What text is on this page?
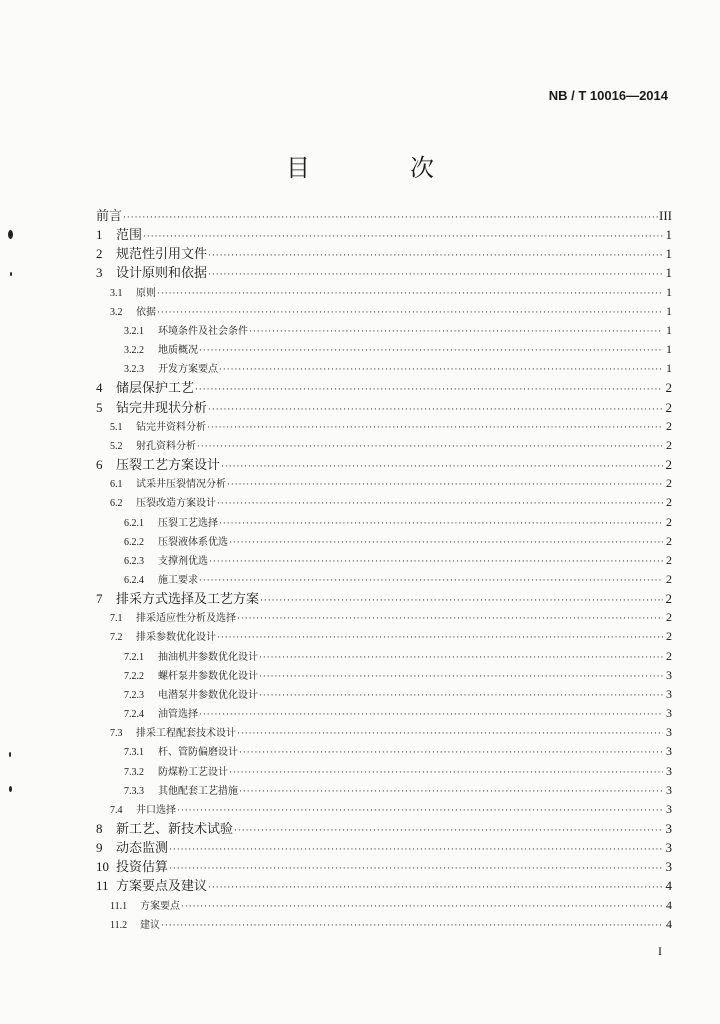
NB / T 10016—2014
目　次
前言 ·····	III
1	范围 ·····	1
2	规范性引用文件 ·····	1
3	设计原则和依据 ·····	1
3.1	原则 ·····	1
3.2	依据 ·····	1
3.2.1	环境条件及社会条件 ·····	1
3.2.2	地质概况 ·····	1
3.2.3	开发方案要点 ·····	1
4	储层保护工艺 ·····	2
5	钻完井现状分析 ·····	2
5.1	钻完井资料分析 ·····	2
5.2	射孔资料分析 ·····	2
6	压裂工艺方案设计 ·····	2
6.1	试采井压裂情况分析 ·····	2
6.2	压裂改造方案设计 ·····	2
6.2.1	压裂工艺选择 ·····	2
6.2.2	压裂液体系优选 ·····	2
6.2.3	支撑剂优选 ·····	2
6.2.4	施工要求 ·····	2
7	排采方式选择及工艺方案 ·····	2
7.1	排采适应性分析及选择 ·····	2
7.2	排采参数优化设计 ·····	2
7.2.1	抽油机井参数优化设计 ·····	2
7.2.2	螺杆泵井参数优化设计 ·····	3
7.2.3	电潜泵井参数优化设计 ·····	3
7.2.4	油管选择 ·····	3
7.3	排采工程配套技术设计 ·····	3
7.3.1	杆、管防偏磨设计 ·····	3
7.3.2	防煤粉工艺设计 ·····	3
7.3.3	其他配套工艺措施 ·····	3
7.4	井口选择 ·····	3
8	新工艺、新技术试验 ·····	3
9	动态监测 ·····	3
10 投资估算 ·····	3
11 方案要点及建议 ·····	4
11.1	方案要点 ·····	4
11.2	建议 ·····	4
I
